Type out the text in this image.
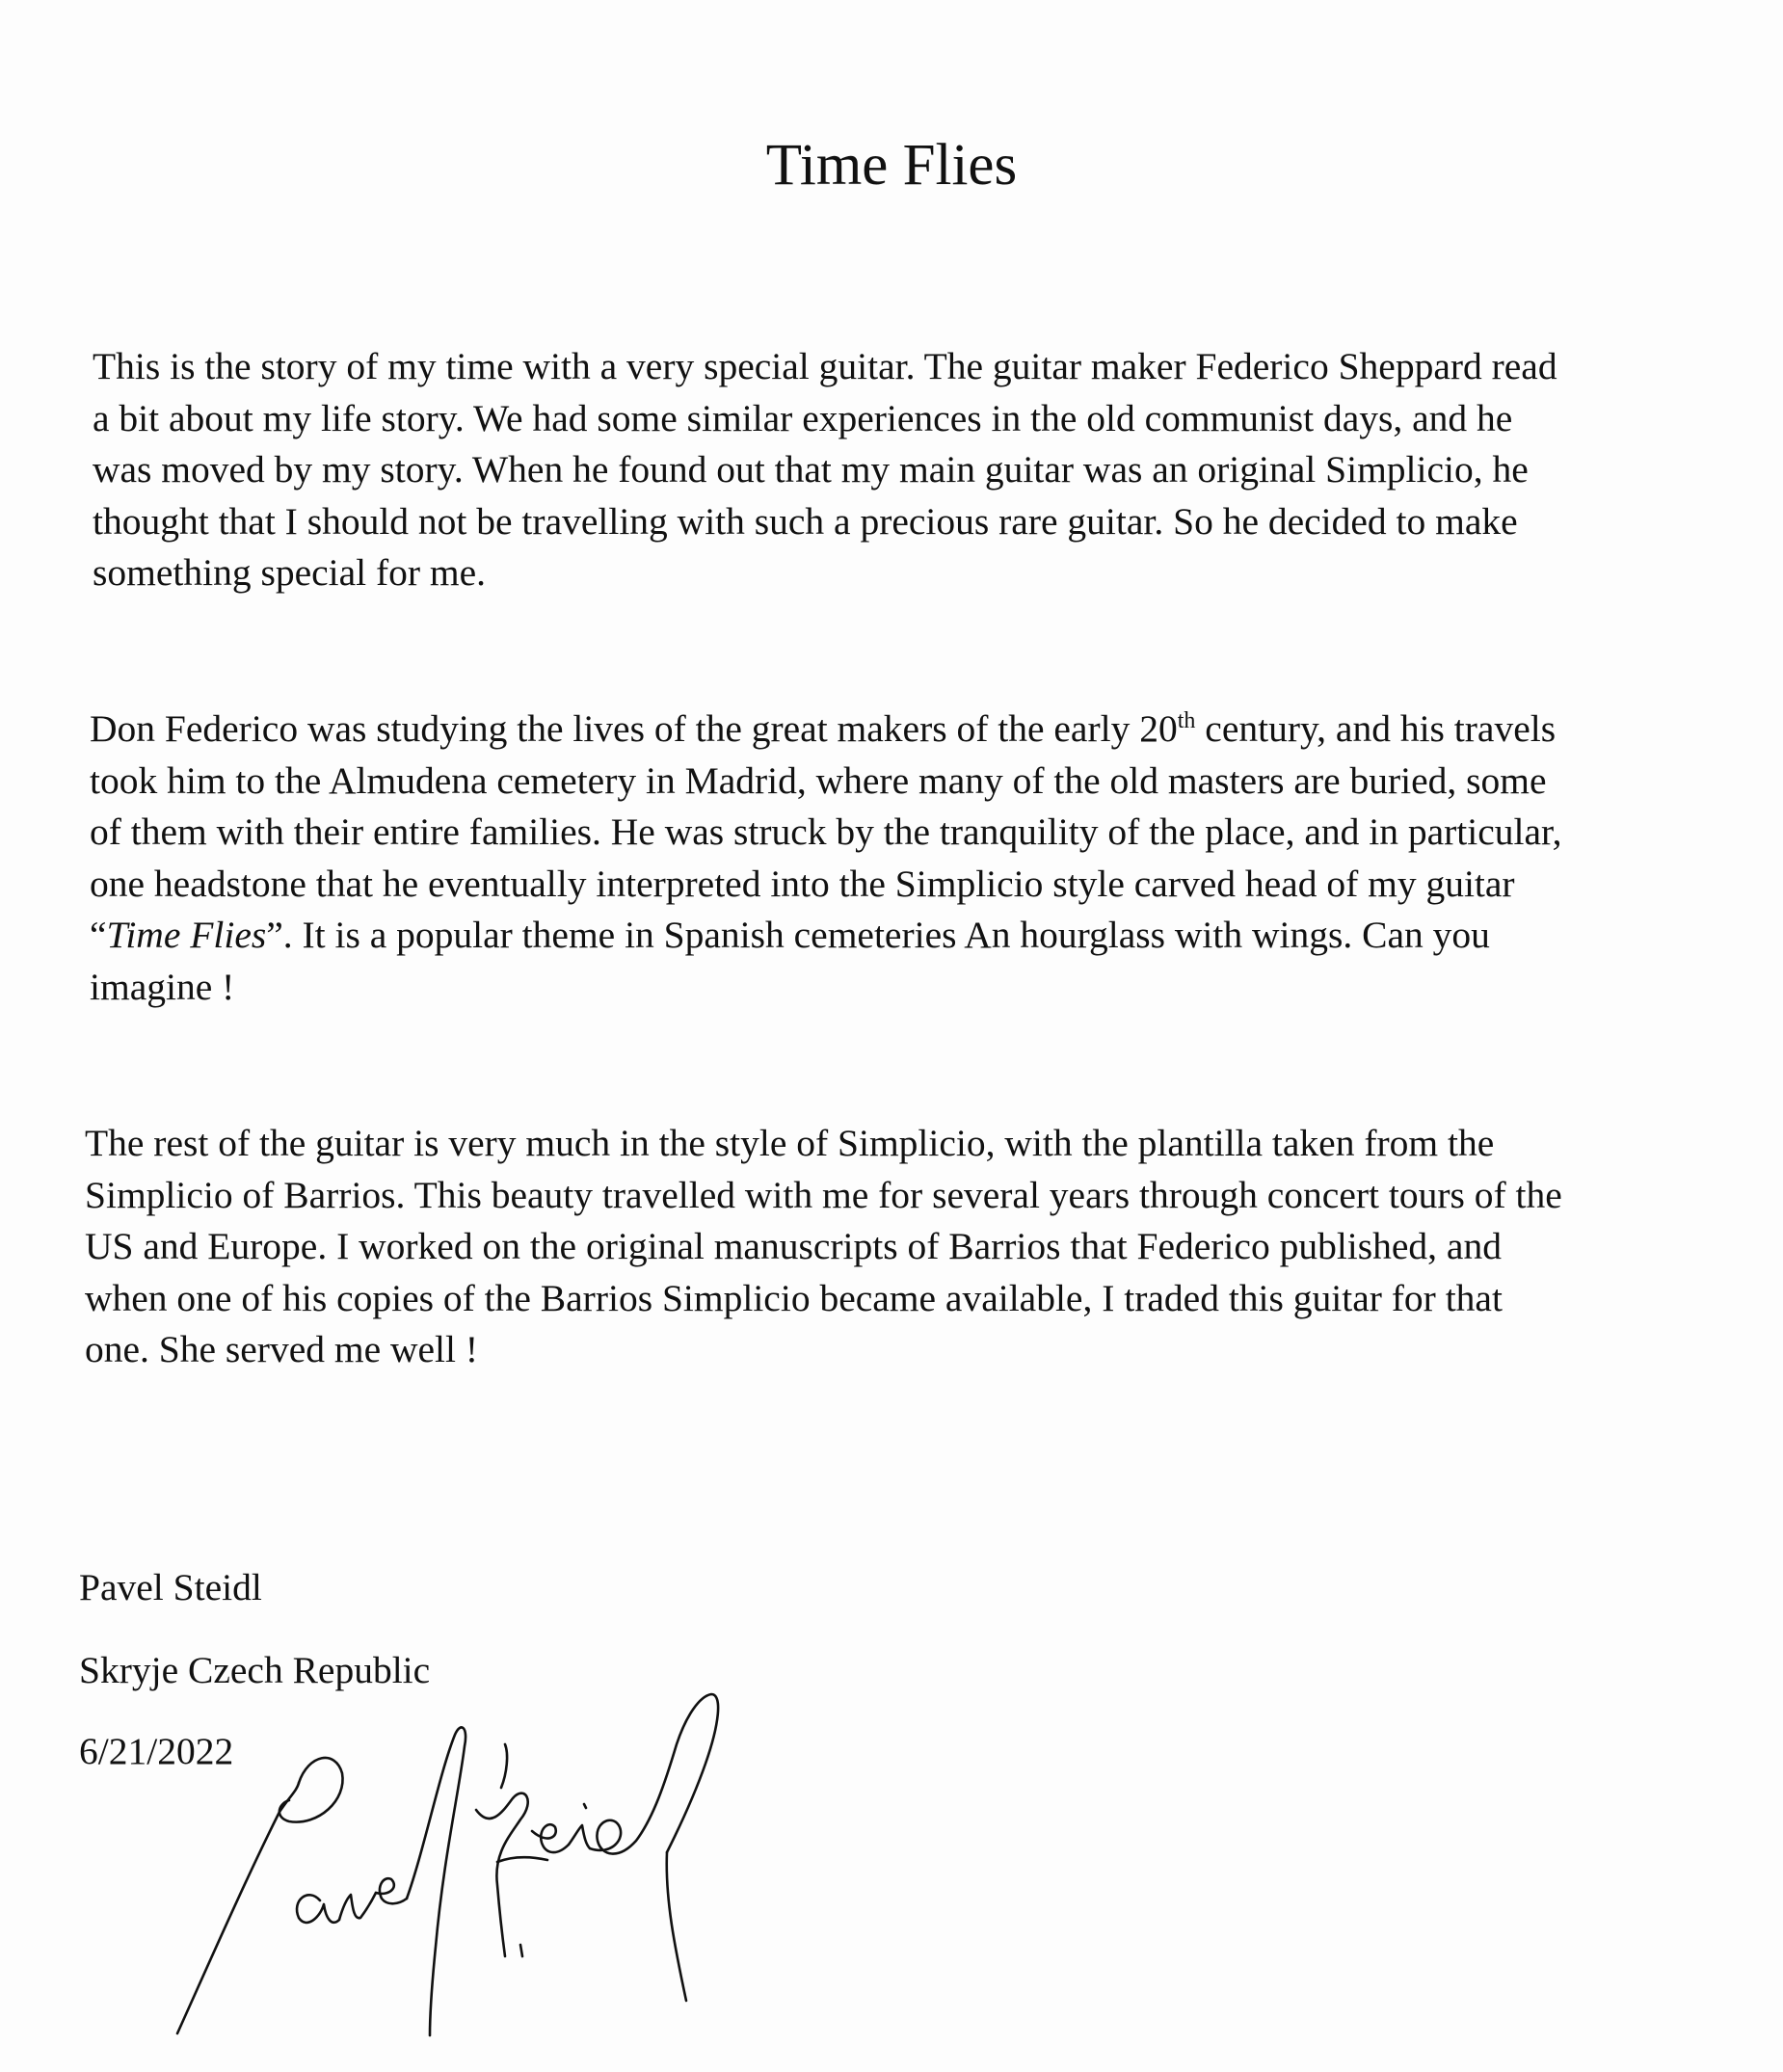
Time Flies
This is the story of my time with a very special guitar. The guitar maker Federico Sheppard read
a bit about my life story. We had some similar experiences in the old communist days, and he
was moved by my story. When he found out that my main guitar was an original Simplicio, he
thought that I should not be travelling with such a precious rare guitar. So he decided to make
something special for me.
Don Federico was studying the lives of the great makers of the early 20th century, and his travels
took him to the Almudena cemetery in Madrid, where many of the old masters are buried, some
of them with their entire families. He was struck by the tranquility of the place, and in particular,
one headstone that he eventually interpreted into the Simplicio style carved head of my guitar
“Time Flies”. It is a popular theme in Spanish cemeteries An hourglass with wings. Can you
imagine !
The rest of the guitar is very much in the style of Simplicio, with the plantilla taken from the
Simplicio of Barrios. This beauty travelled with me for several years through concert tours of the
US and Europe. I worked on the original manuscripts of Barrios that Federico published, and
when one of his copies of the Barrios Simplicio became available, I traded this guitar for that
one. She served me well !
Pavel Steidl
Skryje Czech Republic
6/21/2022
